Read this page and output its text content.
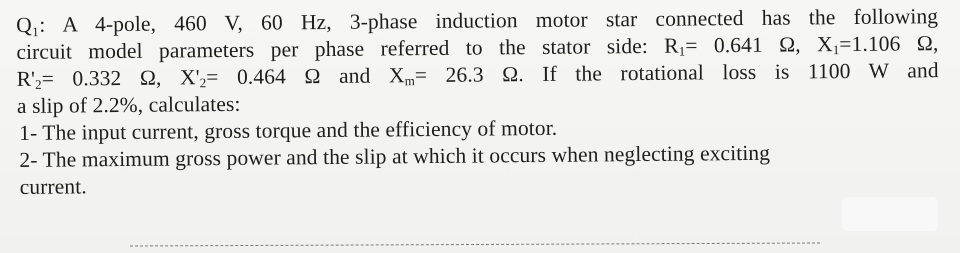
Q₁: A 4-pole, 460 V, 60 Hz, 3-phase induction motor star connected has the following
circuit model parameters per phase referred to the stator side: $R_1= 0.641$ Ω, $X_1=1.106$ Ω,
$R'_2= 0.332$ Ω, $X'_2= 0.464$ Ω and $X_m= 26.3$ Ω. If the rotational loss is 1100 W and
a slip of 2.2%, calculates:
1- The input current, gross torque and the efficiency of motor.
2- The maximum gross power and the slip at which it occurs when neglecting exciting
current.
